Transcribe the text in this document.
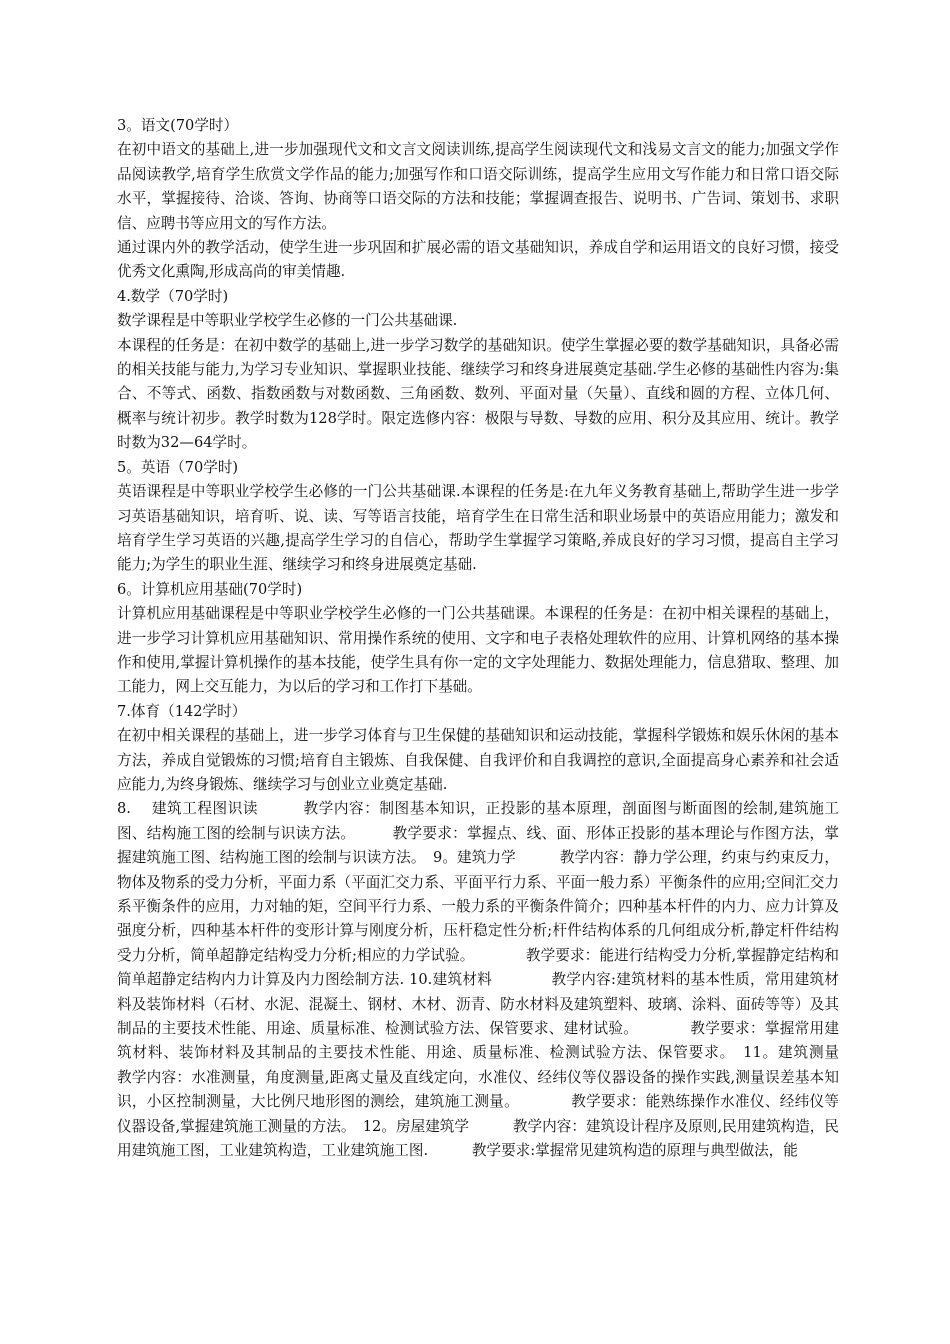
3。语文(70学时）

在初中语文的基础上,进一步加强现代文和文言文阅读训练,提高学生阅读现代文和浅易文言文的能力;加强文学作品阅读教学,培育学生欣赏文学作品的能力;加强写作和口语交际训练，提高学生应用文写作能力和日常口语交际水平，掌握接待、洽谈、答询、协商等口语交际的方法和技能；掌握调查报告、说明书、广告词、策划书、求职信、应聘书等应用文的写作方法。

通过课内外的教学活动，使学生进一步巩固和扩展必需的语文基础知识，养成自学和运用语文的良好习惯，接受优秀文化熏陶,形成高尚的审美情趣.

4.数学（70学时)

数学课程是中等职业学校学生必修的一门公共基础课.

本课程的任务是：在初中数学的基础上,进一步学习数学的基础知识。使学生掌握必要的数学基础知识，具备必需的相关技能与能力,为学习专业知识、掌握职业技能、继续学习和终身进展奠定基础.学生必修的基础性内容为:集合、不等式、函数、指数函数与对数函数、三角函数、数列、平面对量（矢量）、直线和圆的方程、立体几何、概率与统计初步。教学时数为128学时。限定选修内容：极限与导数、导数的应用、积分及其应用、统计。教学时数为32—64学时。

5。英语（70学时)

英语课程是中等职业学校学生必修的一门公共基础课.本课程的任务是:在九年义务教育基础上,帮助学生进一步学习英语基础知识，培育听、说、读、写等语言技能，培育学生在日常生活和职业场景中的英语应用能力；激发和培育学生学习英语的兴趣,提高学生学习的自信心，帮助学生掌握学习策略,养成良好的学习习惯，提高自主学习能力;为学生的职业生涯、继续学习和终身进展奠定基础.

6。计算机应用基础(70学时)

计算机应用基础课程是中等职业学校学生必修的一门公共基础课。本课程的任务是：在初中相关课程的基础上，进一步学习计算机应用基础知识、常用操作系统的使用、文字和电子表格处理软件的应用、计算机网络的基本操作和使用,掌握计算机操作的基本技能，使学生具有你一定的文字处理能力、数据处理能力，信息猎取、整理、加工能力，网上交互能力，为以后的学习和工作打下基础。

7.体育（142学时）

在初中相关课程的基础上，进一步学习体育与卫生保健的基础知识和运动技能，掌握科学锻炼和娱乐休闲的基本方法，养成自觉锻炼的习惯;培育自主锻炼、自我保健、自我评价和自我调控的意识,全面提高身心素养和社会适应能力,为终身锻炼、继续学习与创业立业奠定基础.

8.　 建筑工程图识读　　　教学内容：制图基本知识，正投影的基本原理，剖面图与断面图的绘制,建筑施工图、结构施工图的绘制与识读方法。　　　教学要求：掌握点、线、面、形体正投影的基本理论与作图方法，掌握建筑施工图、结构施工图的绘制与识读方法。　9。建筑力学　　　教学内容：静力学公理，约束与约束反力，物体及物系的受力分析，平面力系（平面汇交力系、平面平行力系、平面一般力系）平衡条件的应用;空间汇交力系平衡条件的应用，力对轴的矩，空间平行力系、一般力系的平衡条件简介；四种基本杆件的内力、应力计算及强度分析，四种基本杆件的变形计算与刚度分析，压杆稳定性分析;杆件结构体系的几何组成分析,静定杆件结构受力分析，简单超静定结构受力分析;相应的力学试验。　　　　教学要求：能进行结构受力分析,掌握静定结构和简单超静定结构内力计算及内力图绘制方法. 10.建筑材料　　　　教学内容:建筑材料的基本性质，常用建筑材料及装饰材料（石材、水泥、混凝土、钢材、木材、沥青、防水材料及建筑塑料、玻璃、涂料、面砖等等）及其制品的主要技术性能、用途、质量标准、检测试验方法、保管要求、建材试验。　　　　教学要求：掌握常用建筑材料、装饰材料及其制品的主要技术性能、用途、质量标准、检测试验方法、保管要求。　11。建筑测量　　　　教学内容：水准测量，角度测量,距离丈量及直线定向，水准仪、经纬仪等仪器设备的操作实践,测量误差基本知识，小区控制测量，大比例尺地形图的测绘，建筑施工测量。　　　　教学要求：能熟练操作水准仪、经纬仪等仪器设备,掌握建筑施工测量的方法。　12。房屋建筑学　　　教学内容：建筑设计程序及原则,民用建筑构造，民用建筑施工图，工业建筑构造，工业建筑施工图.　　　教学要求:掌握常见建筑构造的原理与典型做法，能
